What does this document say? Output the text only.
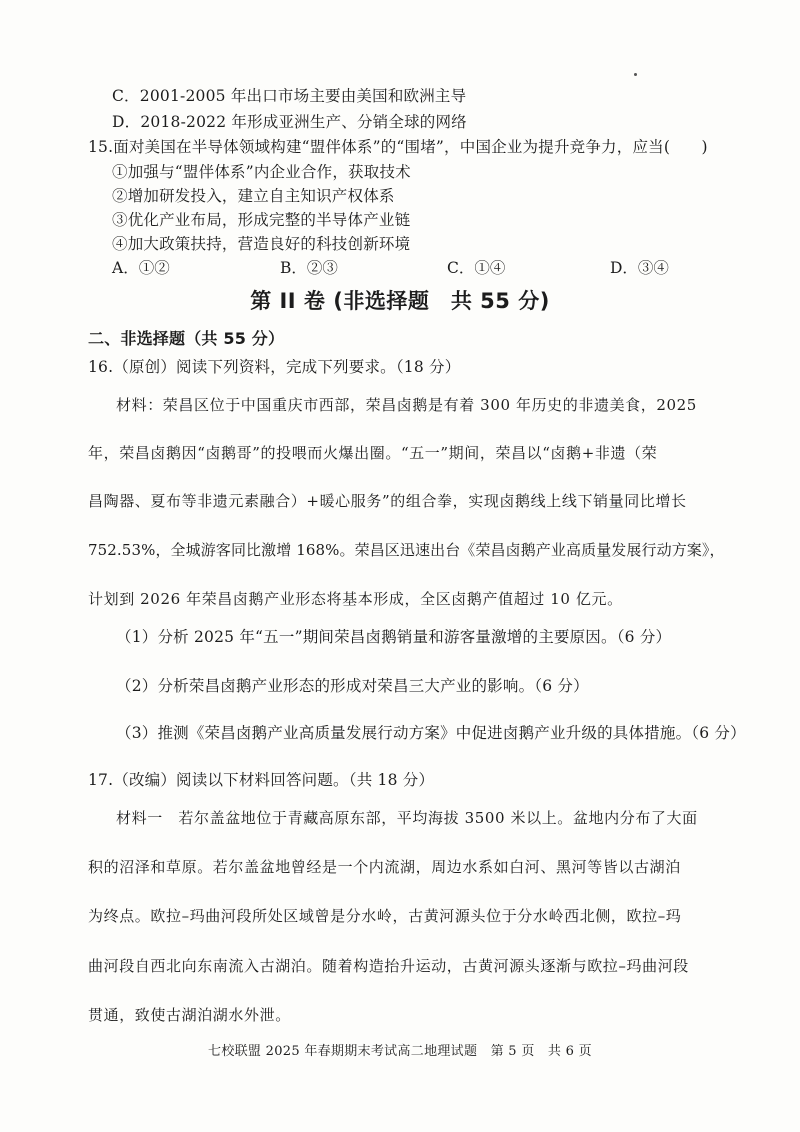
C．2001-2005 年出口市场主要由美国和欧洲主导
D．2018-2022 年形成亚洲生产、分销全球的网络
15.面对美国在半导体领域构建“盟伴体系”的“围堵”，中国企业为提升竞争力，应当(　　)
①加强与“盟伴体系”内企业合作，获取技术
②增加研发投入，建立自主知识产权体系
③优化产业布局，形成完整的半导体产业链
④加大政策扶持，营造良好的科技创新环境
A．①②	B．②③	C．①④	D．③④
第 II 卷 (非选择题　共 55 分)
二、非选择题（共 55 分）
16.（原创）阅读下列资料，完成下列要求。（18 分）
材料：荣昌区位于中国重庆市西部，荣昌卤鹅是有着 300 年历史的非遗美食，2025
年，荣昌卤鹅因“卤鹅哥”的投喂而火爆出圈。“五一”期间，荣昌以“卤鹅+非遗（荣
昌陶器、夏布等非遗元素融合）+暖心服务”的组合拳，实现卤鹅线上线下销量同比增长
752.53%，全城游客同比激增 168%。荣昌区迅速出台《荣昌卤鹅产业高质量发展行动方案》，
计划到 2026 年荣昌卤鹅产业形态将基本形成，全区卤鹅产值超过 10 亿元。
（1）分析 2025 年“五一”期间荣昌卤鹅销量和游客量激增的主要原因。（6 分）
（2）分析荣昌卤鹅产业形态的形成对荣昌三大产业的影响。（6 分）
（3）推测《荣昌卤鹅产业高质量发展行动方案》中促进卤鹅产业升级的具体措施。（6 分）
17.（改编）阅读以下材料回答问题。（共 18 分）
材料一　若尔盖盆地位于青藏高原东部，平均海拔 3500 米以上。盆地内分布了大面
积的沼泽和草原。若尔盖盆地曾经是一个内流湖，周边水系如白河、黑河等皆以古湖泊
为终点。欧拉–玛曲河段所处区域曾是分水岭，古黄河源头位于分水岭西北侧，欧拉–玛
曲河段自西北向东南流入古湖泊。随着构造抬升运动，古黄河源头逐渐与欧拉–玛曲河段
贯通，致使古湖泊湖水外泄。
七校联盟 2025 年春期期末考试高二地理试题　第 5 页　共 6 页
